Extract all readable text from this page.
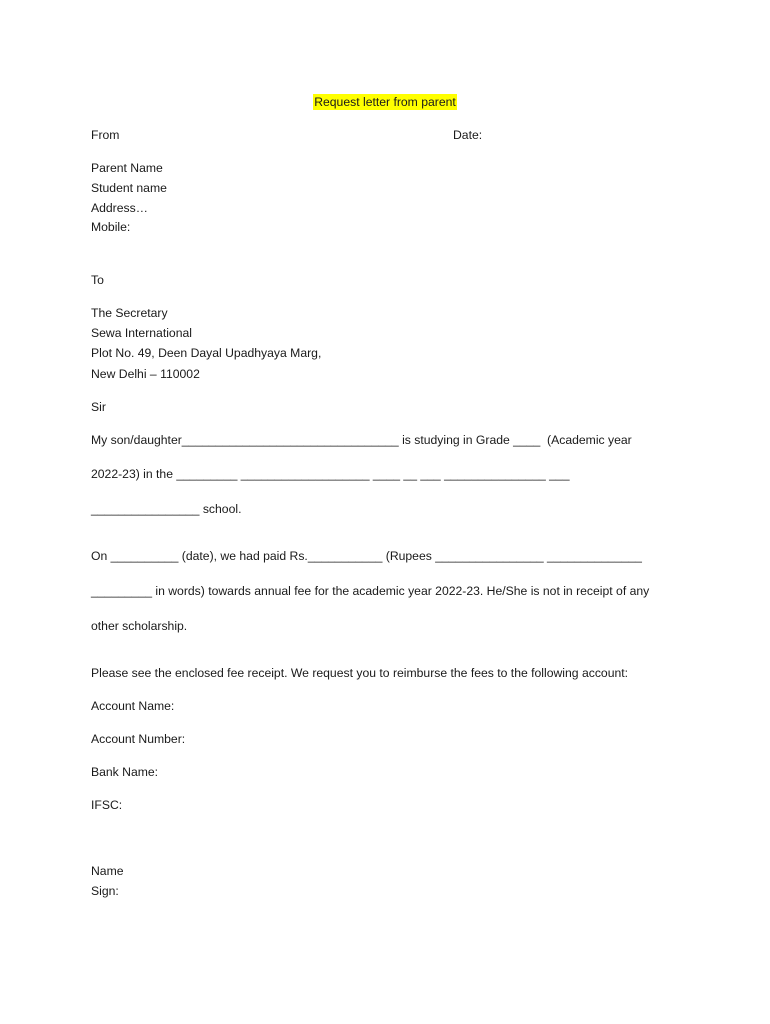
Request letter from parent
From	Date:
Parent Name
Student name
Address…
Mobile:
To
The Secretary
Sewa International
Plot No. 49, Deen Dayal Upadhyaya Marg,
New Delhi – 110002
Sir
My son/daughter________________________________ is studying in Grade ____  (Academic year
2022-23) in the _________ ___________________ ____ __ ___ _______________ ___
________________ school.
On __________ (date), we had paid Rs.___________ (Rupees ________________ ______________
_________ in words) towards annual fee for the academic year 2022-23. He/She is not in receipt of any
other scholarship.
Please see the enclosed fee receipt. We request you to reimburse the fees to the following account:
Account Name:
Account Number:
Bank Name:
IFSC:
Name
Sign:
